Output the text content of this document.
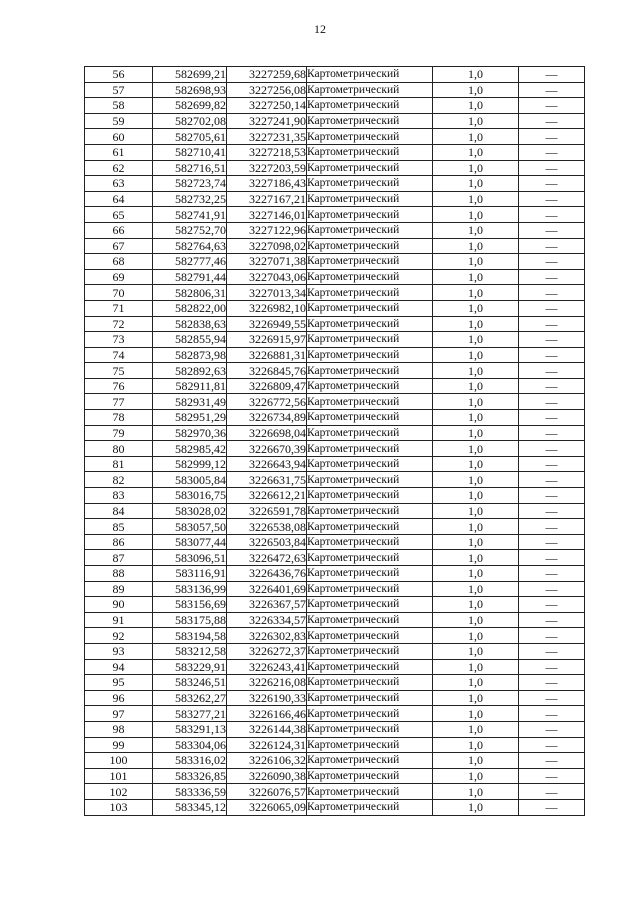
12
56	582699,21	3227259,68	Картометрический	1,0	—
57	582698,93	3227256,08	Картометрический	1,0	—
58	582699,82	3227250,14	Картометрический	1,0	—
59	582702,08	3227241,90	Картометрический	1,0	—
60	582705,61	3227231,35	Картометрический	1,0	—
61	582710,41	3227218,53	Картометрический	1,0	—
62	582716,51	3227203,59	Картометрический	1,0	—
63	582723,74	3227186,43	Картометрический	1,0	—
64	582732,25	3227167,21	Картометрический	1,0	—
65	582741,91	3227146,01	Картометрический	1,0	—
66	582752,70	3227122,96	Картометрический	1,0	—
67	582764,63	3227098,02	Картометрический	1,0	—
68	582777,46	3227071,38	Картометрический	1,0	—
69	582791,44	3227043,06	Картометрический	1,0	—
70	582806,31	3227013,34	Картометрический	1,0	—
71	582822,00	3226982,10	Картометрический	1,0	—
72	582838,63	3226949,55	Картометрический	1,0	—
73	582855,94	3226915,97	Картометрический	1,0	—
74	582873,98	3226881,31	Картометрический	1,0	—
75	582892,63	3226845,76	Картометрический	1,0	—
76	582911,81	3226809,47	Картометрический	1,0	—
77	582931,49	3226772,56	Картометрический	1,0	—
78	582951,29	3226734,89	Картометрический	1,0	—
79	582970,36	3226698,04	Картометрический	1,0	—
80	582985,42	3226670,39	Картометрический	1,0	—
81	582999,12	3226643,94	Картометрический	1,0	—
82	583005,84	3226631,75	Картометрический	1,0	—
83	583016,75	3226612,21	Картометрический	1,0	—
84	583028,02	3226591,78	Картометрический	1,0	—
85	583057,50	3226538,08	Картометрический	1,0	—
86	583077,44	3226503,84	Картометрический	1,0	—
87	583096,51	3226472,63	Картометрический	1,0	—
88	583116,91	3226436,76	Картометрический	1,0	—
89	583136,99	3226401,69	Картометрический	1,0	—
90	583156,69	3226367,57	Картометрический	1,0	—
91	583175,88	3226334,57	Картометрический	1,0	—
92	583194,58	3226302,83	Картометрический	1,0	—
93	583212,58	3226272,37	Картометрический	1,0	—
94	583229,91	3226243,41	Картометрический	1,0	—
95	583246,51	3226216,08	Картометрический	1,0	—
96	583262,27	3226190,33	Картометрический	1,0	—
97	583277,21	3226166,46	Картометрический	1,0	—
98	583291,13	3226144,38	Картометрический	1,0	—
99	583304,06	3226124,31	Картометрический	1,0	—
100	583316,02	3226106,32	Картометрический	1,0	—
101	583326,85	3226090,38	Картометрический	1,0	—
102	583336,59	3226076,57	Картометрический	1,0	—
103	583345,12	3226065,09	Картометрический	1,0	—
